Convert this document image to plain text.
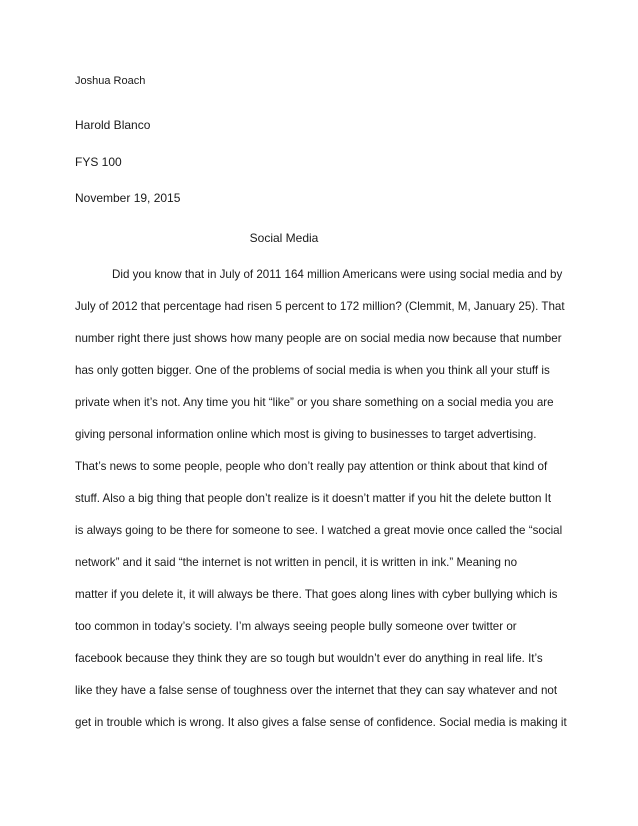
Joshua Roach
Harold Blanco
FYS 100
November 19, 2015
Social Media
Did you know that in July of 2011 164 million Americans were using social media and by
July of 2012 that percentage had risen 5 percent to 172 million? (Clemmit, M, January 25). That
number right there just shows how many people are on social media now because that number
has only gotten bigger. One of the problems of social media is when you think all your stuff is
private when it’s not. Any time you hit “like” or you share something on a social media you are
giving personal information online which most is giving to businesses to target advertising.
That’s news to some people, people who don’t really pay attention or think about that kind of
stuff. Also a big thing that people don’t realize is it doesn’t matter if you hit the delete button It
is always going to be there for someone to see. I watched a great movie once called the “social
network” and it said “the internet is not written in pencil, it is written in ink.” Meaning no
matter if you delete it, it will always be there. That goes along lines with cyber bullying which is
too common in today’s society. I’m always seeing people bully someone over twitter or
facebook because they think they are so tough but wouldn’t ever do anything in real life. It’s
like they have a false sense of toughness over the internet that they can say whatever and not
get in trouble which is wrong. It also gives a false sense of confidence. Social media is making it
